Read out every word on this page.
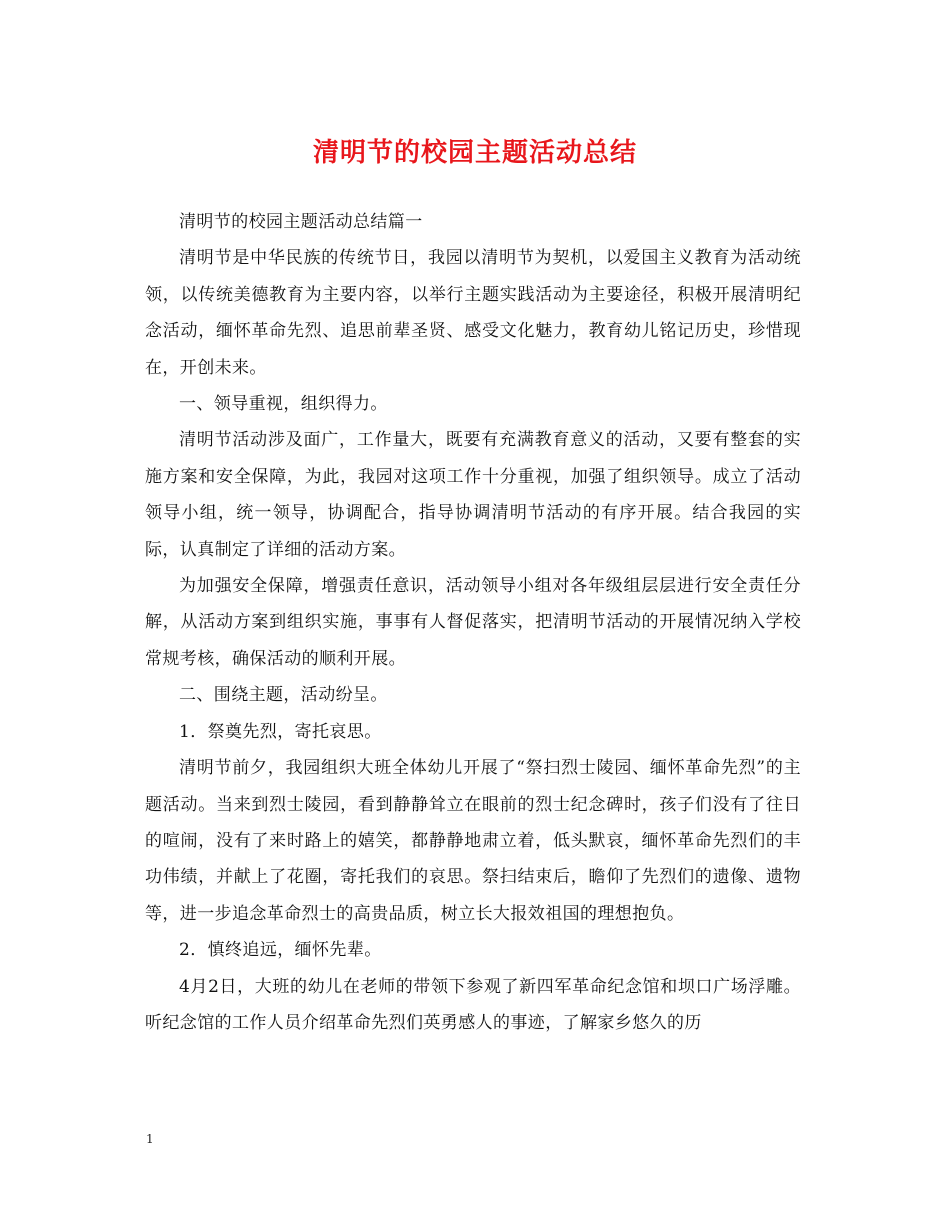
清明节的校园主题活动总结

清明节的校园主题活动总结篇一

清明节是中华民族的传统节日，我园以清明节为契机，以爱国主义教育为活动统领，以传统美德教育为主要内容，以举行主题实践活动为主要途径，积极开展清明纪念活动，缅怀革命先烈、追思前辈圣贤、感受文化魅力，教育幼儿铭记历史，珍惜现在，开创未来。

一、领导重视，组织得力。

清明节活动涉及面广，工作量大，既要有充满教育意义的活动，又要有整套的实施方案和安全保障，为此，我园对这项工作十分重视，加强了组织领导。成立了活动领导小组，统一领导，协调配合，指导协调清明节活动的有序开展。结合我园的实际，认真制定了详细的活动方案。

为加强安全保障，增强责任意识，活动领导小组对各年级组层层进行安全责任分解，从活动方案到组织实施，事事有人督促落实，把清明节活动的开展情况纳入学校常规考核，确保活动的顺利开展。

二、围绕主题，活动纷呈。

1．祭奠先烈，寄托哀思。

清明节前夕，我园组织大班全体幼儿开展了“祭扫烈士陵园、缅怀革命先烈”的主题活动。当来到烈士陵园，看到静静耸立在眼前的烈士纪念碑时，孩子们没有了往日的喧闹，没有了来时路上的嬉笑，都静静地肃立着，低头默哀，缅怀革命先烈们的丰功伟绩，并献上了花圈，寄托我们的哀思。祭扫结束后，瞻仰了先烈们的遗像、遗物等，进一步追念革命烈士的高贵品质，树立长大报效祖国的理想抱负。

2．慎终追远，缅怀先辈。

4月2日，大班的幼儿在老师的带领下参观了新四军革命纪念馆和坝口广场浮雕。听纪念馆的工作人员介绍革命先烈们英勇感人的事迹，了解家乡悠久的历

1
